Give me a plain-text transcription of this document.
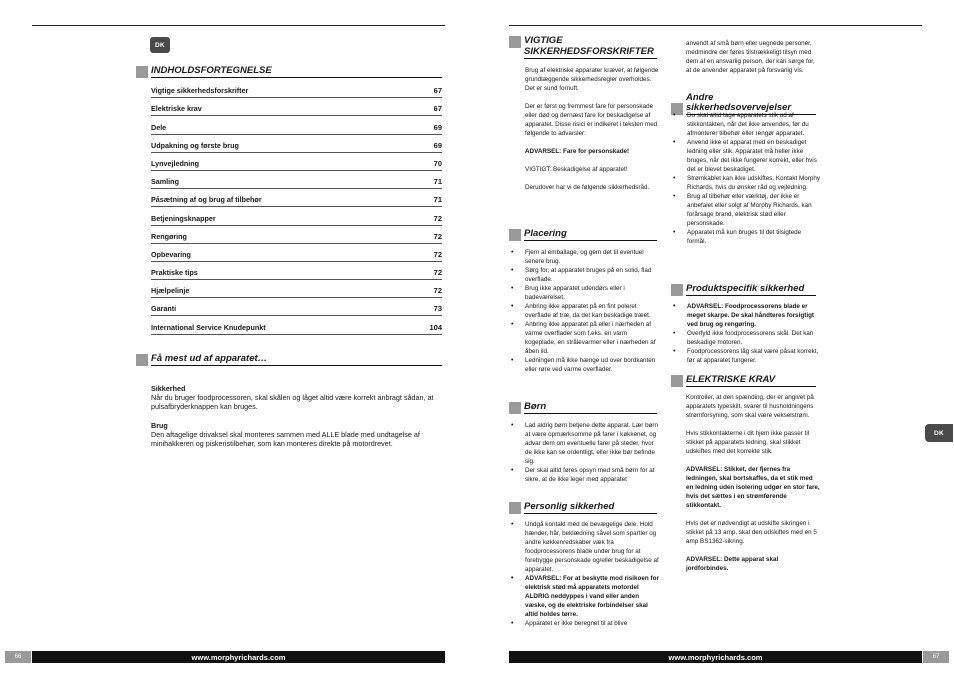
DK
INDHOLDSFORTEGNELSE
Vigtige sikkerhedsforskrifter	67
Elektriske krav	67
Dele	69
Udpakning og første brug	69
Lynvejledning	70
Samling	71
Påsætning af og brug af tilbehør	71
Betjeningsknapper	72
Rengøring	72
Opbevaring	72
Praktiske tips	72
Hjælpelinje	72
Garanti	73
International Service Knudepunkt	104
Få mest ud af apparatet…
Sikkerhed
Når du bruger foodprocessoren, skal skålen og låget altid være korrekt anbragt sådan, at pulsafbryderknappen kan bruges.
Brug
Den aftagelige drivaksel skal monteres sammen med ALLE blade med undtagelse af minihakkeren og piskeristilbehør, som kan monteres direkte på motordrevet.
66	www.morphyrichards.com
VIGTIGE SIKKERHEDSFORSKRIFTER
Brug af elektriske apparater kræver, at følgende grundlæggende sikkerhedsregler overholdes. Det er sund fornuft.
Der er først og fremmest fare for personskade eller død og dernæst fare for beskadigelse af apparatet. Disse risici er indikeret i teksten med følgende to advarsler:
ADVARSEL: Fare for personskade!
VIGTIGT: Beskadigelse af apparatet!
Derudover har vi de følgende sikkerhedsråd.
Placering
• Fjern al emballage, og gem det til eventuel senere brug.
• Sørg for, at apparatet bruges på en solid, flad overflade.
• Brug ikke apparatet udendørs eller i badeværelset.
• Anbring ikke apparatet på en fint poleret overflade af træ, da det kan beskadige træet.
• Anbring ikke apparatet på eller i nærheden af varme overflader som f.eks. en varm kogeplade, en strålevarmer eller i nærheden af åben ild.
• Ledningen må ikke hænge ud over bordkanten eller røre ved varme overflader.
Børn
• Lad aldrig børn betjene dette apparat. Lær børn at være opmærksomme på farer i køkkenet, og advar dem om eventuelle farer på steder, hvor de ikke kan se ordentligt, eller ikke bør befinde sig.
• Der skal altid føres opsyn med små børn for at sikre, at de ikke leger med apparatet
Personlig sikkerhed
• Undgå kontakt med de bevægelige dele. Hold hænder, hår, beklædning såvel som spartler og andre køkkenredskaber væk fra foodprocessorens blade under brug for at forebygge personskade og/eller beskadigelse af apparatet.
• ADVARSEL: For at beskytte mod risikoen for elektrisk stød må apparatets motordel ALDRIG neddyppes i vand eller anden væske, og de elektriske forbindelser skal altid holdes tørre.
• Apparatet er ikke beregnet til at blive
anvendt af små børn eller uegnede personer, medmindre der føres tilstrækkeligt tilsyn med dem af en ansvarlig person, der kan sørge for, at de anvender apparatet på forsvarlig vis.
Andre sikkerhedsovervejelser
• Du skal altid tage apparatets stik ud af stikkontakten, når det ikke anvendes, før du afmonterer tilbehør eller rengør apparatet.
• Anvend ikke et apparat med en beskadiget ledning eller stik. Apparatet må heller ikke bruges, når det ikke fungerer korrekt, eller hvis det er blevet beskadiget.
• Strømkablet kan ikke udskiftes. Kontakt Morphy Richards, hvis du ønsker råd og vejledning.
• Brug af tilbehør eller værktøj, der ikke er anbefalet eller solgt af Morphy Richards, kan forårsage brand, elektrisk stød eller personskade.
• Apparatet må kun bruges til det tilsigtede formål.
Produktspecifik sikkerhed
• ADVARSEL: Foodprocessorens blade er meget skarpe. De skal håndteres forsigtigt ved brug og rengøring.
• Overfyld ikke foodprocessorens skål. Det kan beskadige motoren.
• Foodprocessorens låg skal være påsat korrekt, før at apparatet fungerer.
ELEKTRISKE KRAV
Kontroller, at den spænding, der er angivet på apparatets typeskilt, svarer til husholdningens strømforsyning, som skal være vekselstrøm.
Hvis stikkontakterne i dit hjem ikke passer til stikket på apparatets ledning, skal stikket udskiftes med det korrekte stik.
ADVARSEL: Stikket, der fjernes fra ledningen, skal bortskaffes, da et stik med en ledning uden isolering udgør en stor fare, hvis det sættes i en strømførende stikkontakt.
Hvis det er nødvendigt at udskifte sikringen i stikket på 13 amp, skal den udskiftes med en 5 amp BS1362-sikring.
ADVARSEL: Dette apparat skal jordforbindes.
DK
www.morphyrichards.com	67
